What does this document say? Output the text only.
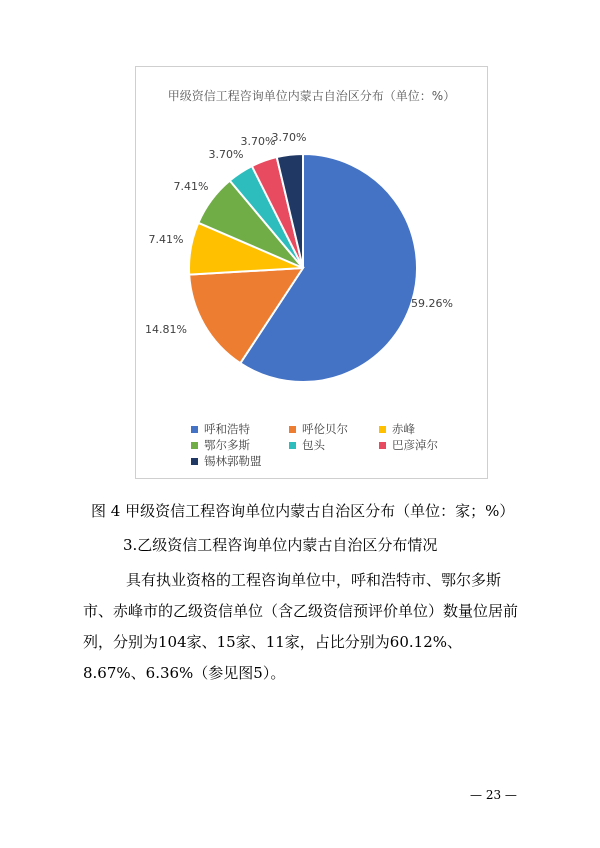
甲级资信工程咨询单位内蒙古自治区分布（单位：%）
59.26%
14.81%
7.41%
7.41%
3.70%
3.70%
3.70%
呼和浩特	呼伦贝尔	赤峰
鄂尔多斯	包头	巴彦淖尔
锡林郭勒盟
图 4 甲级资信工程咨询单位内蒙古自治区分布（单位：家；%）
3.乙级资信工程咨询单位内蒙古自治区分布情况
具有执业资格的工程咨询单位中，呼和浩特市、鄂尔多斯市、赤峰市的乙级资信单位（含乙级资信预评价单位）数量位居前列，分别为104家、15家、11家，占比分别为60.12%、8.67%、6.36%（参见图5）。
— 23 —
